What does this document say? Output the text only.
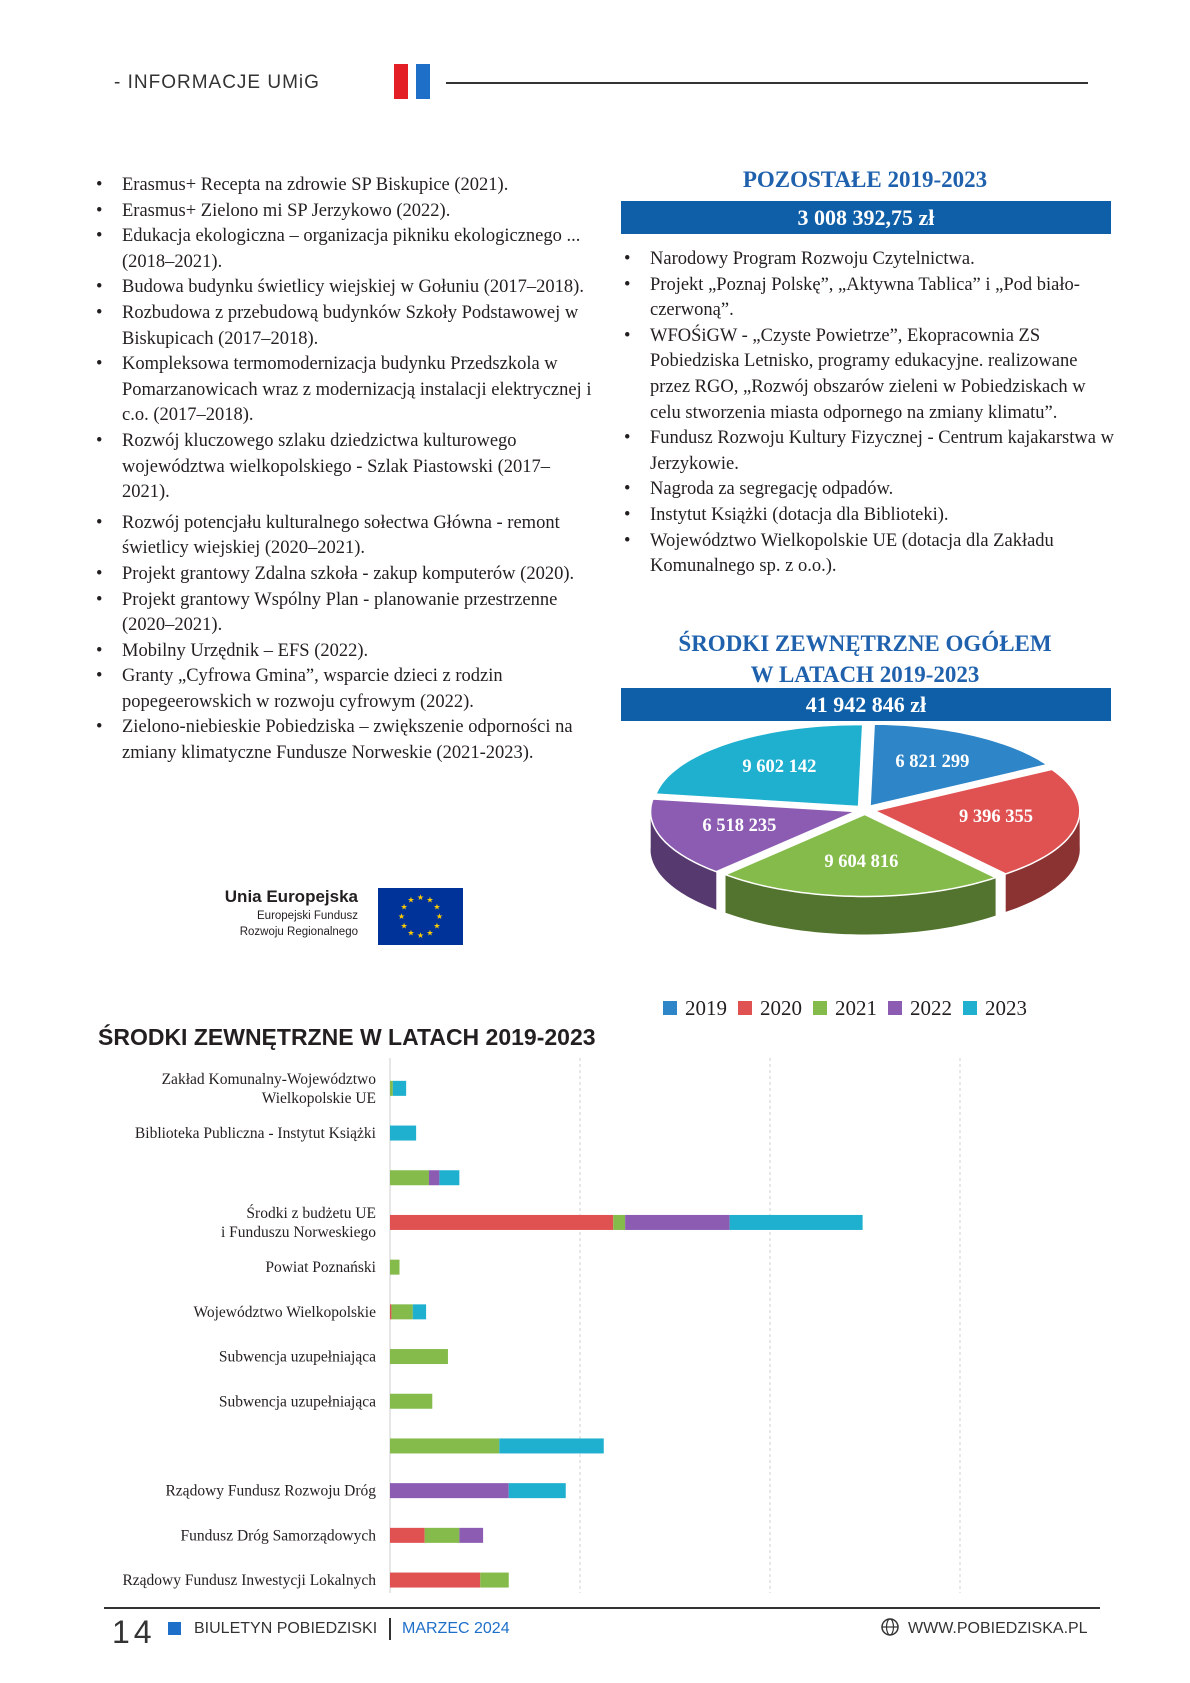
- INFORMACJE UMiG
• Erasmus+ Recepta na zdrowie SP Biskupice (2021).
• Erasmus+ Zielono mi SP Jerzykowo (2022).
• Edukacja ekologiczna – organizacja pikniku ekologicznego ... (2018–2021).
• Budowa budynku świetlicy wiejskiej w Gołuniu (2017–2018).
• Rozbudowa z przebudową budynków Szkoły Podstawowej w Biskupicach (2017–2018).
• Kompleksowa termomodernizacja budynku Przedszkola w Pomarzanowicach wraz z modernizacją instalacji elektrycznej i c.o. (2017–2018).
• Rozwój kluczowego szlaku dziedzictwa kulturowego województwa wielkopolskiego - Szlak Piastowski (2017–2021).
• Rozwój potencjału kulturalnego sołectwa Główna - remont świetlicy wiejskiej (2020–2021).
• Projekt grantowy Zdalna szkoła - zakup komputerów (2020).
• Projekt grantowy Wspólny Plan - planowanie przestrzenne (2020–2021).
• Mobilny Urzędnik – EFS (2022).
• Granty „Cyfrowa Gmina”, wsparcie dzieci z rodzin popegeerowskich w rozwoju cyfrowym (2022).
• Zielono-niebieskie Pobiedziska – zwiększenie odporności na zmiany klimatyczne Fundusze Norweskie (2021-2023).
Unia Europejska
Europejski Fundusz
Rozwoju Regionalnego
★ ★
★
★
★
★
★
★
★
★
★
★
POZOSTAŁE 2019-2023
3 008 392,75 zł
• Narodowy Program Rozwoju Czytelnictwa.
• Projekt „Poznaj Polskę”, „Aktywna Tablica” i „Pod biało-czerwoną”.
• WFOŚiGW - „Czyste Powietrze”, Ekopracownia ZS Pobiedziska Letnisko, programy edukacyjne. realizowane przez RGO, „Rozwój obszarów zieleni w Pobiedziskach w celu stworzenia miasta odpornego na zmiany klimatu”.
• Fundusz Rozwoju Kultury Fizycznej - Centrum kajakarstwa w Jerzykowie.
• Nagroda za segregację odpadów.
• Instytut Książki (dotacja dla Biblioteki).
• Województwo Wielkopolskie UE (dotacja dla Zakładu Komunalnego sp. z o.o.).
ŚRODKI ZEWNĘTRZNE OGÓŁEM
W LATACH 2019-2023
41 942 846 zł
6 821 299
9 396 355
9 604 816
6 518 235
9 602 142
2019 2020 2021 2022 2023
ŚRODKI ZEWNĘTRZNE W LATACH 2019-2023
Zakład Komunalny-Województwo
Wielkopolskie UE
Biblioteka Publiczna - Instytut Książki
Środki z budżetu UE
i Funduszu Norweskiego
Powiat Poznański
Województwo Wielkopolskie
Subwencja uzupełniająca
Subwencja uzupełniająca
Rządowy Fundusz Rozwoju Dróg
Fundusz Dróg Samorządowych
Rządowy Fundusz Inwestycji Lokalnych
14 BIULETYN POBIEDZISKI MARZEC 2024	WWW.POBIEDZISKA.PL
